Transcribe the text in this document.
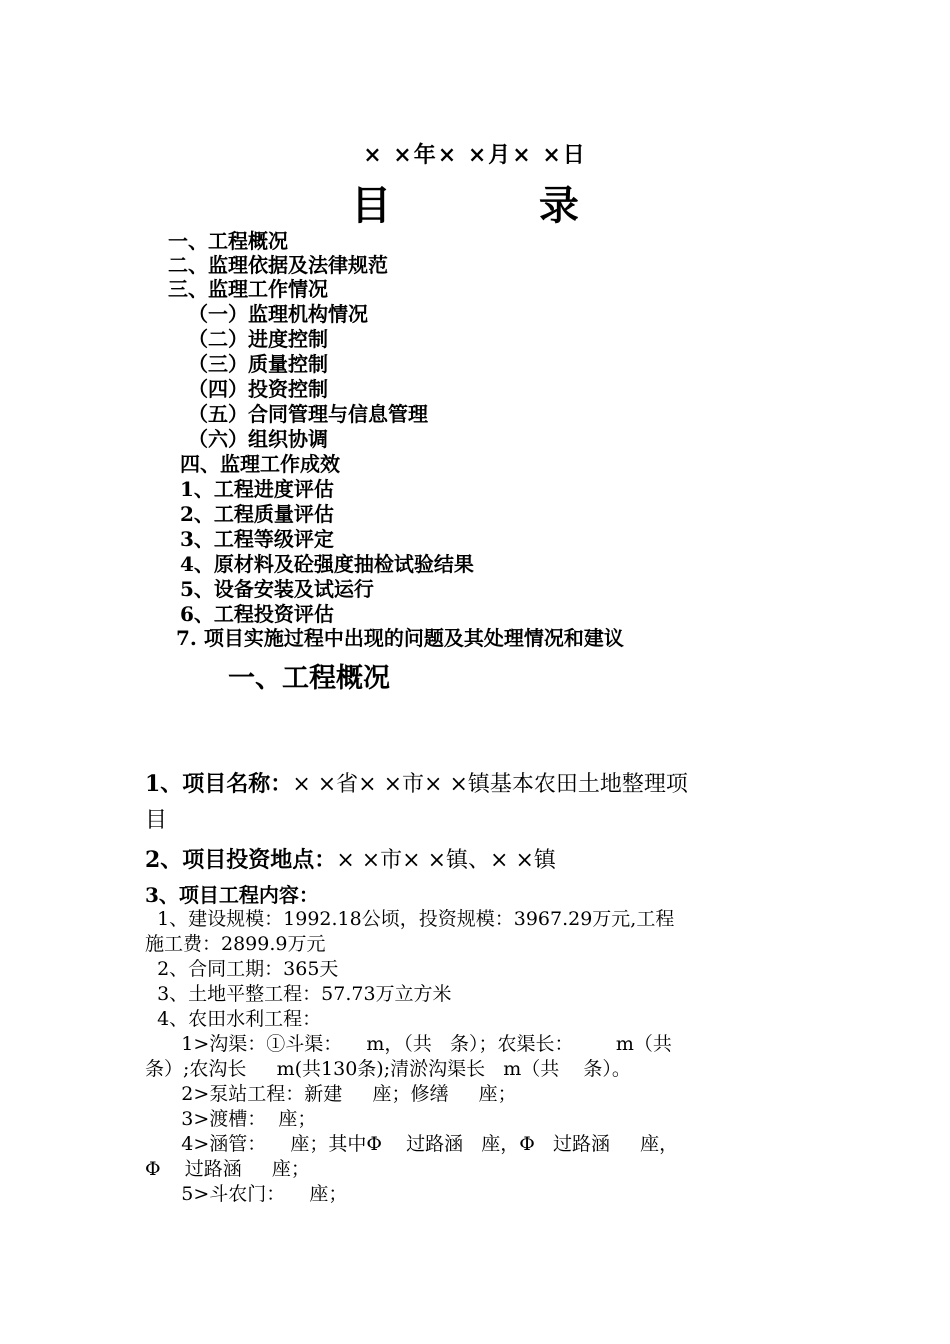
× ×年× ×月× ×日
目  录
一、工程概况
二、监理依据及法律规范
三、监理工作情况
（一）监理机构情况
（二）进度控制
（三）质量控制
（四）投资控制
（五）合同管理与信息管理
（六）组织协调
四、监理工作成效
1、工程进度评估
2、工程质量评估
3、工程等级评定
4、原材料及砼强度抽检试验结果
5、设备安装及试运行
6、工程投资评估
7. 项目实施过程中出现的问题及其处理情况和建议
一、工程概况
1、项目名称：× ×省× ×市× ×镇基本农田土地整理项
目
2、项目投资地点：× ×市× ×镇、× ×镇
3、项目工程内容：
1、建设规模：1992.18公顷，投资规模：3967.29万元,工程
施工费：2899.9万元
2、合同工期：365天
3、土地平整工程：57.73万立方米
4、农田水利工程：
1>沟渠：①斗渠：    m，（共   条）；农渠长：       m（共
条）;农沟长     m(共130条);清淤沟渠长   m（共    条）。
2>泵站工程：新建     座；修缮     座；
3>渡槽：  座；
4>涵管：    座；其中Φ    过路涵   座，Φ   过路涵     座，
Φ    过路涵     座；
5>斗农门：    座；
